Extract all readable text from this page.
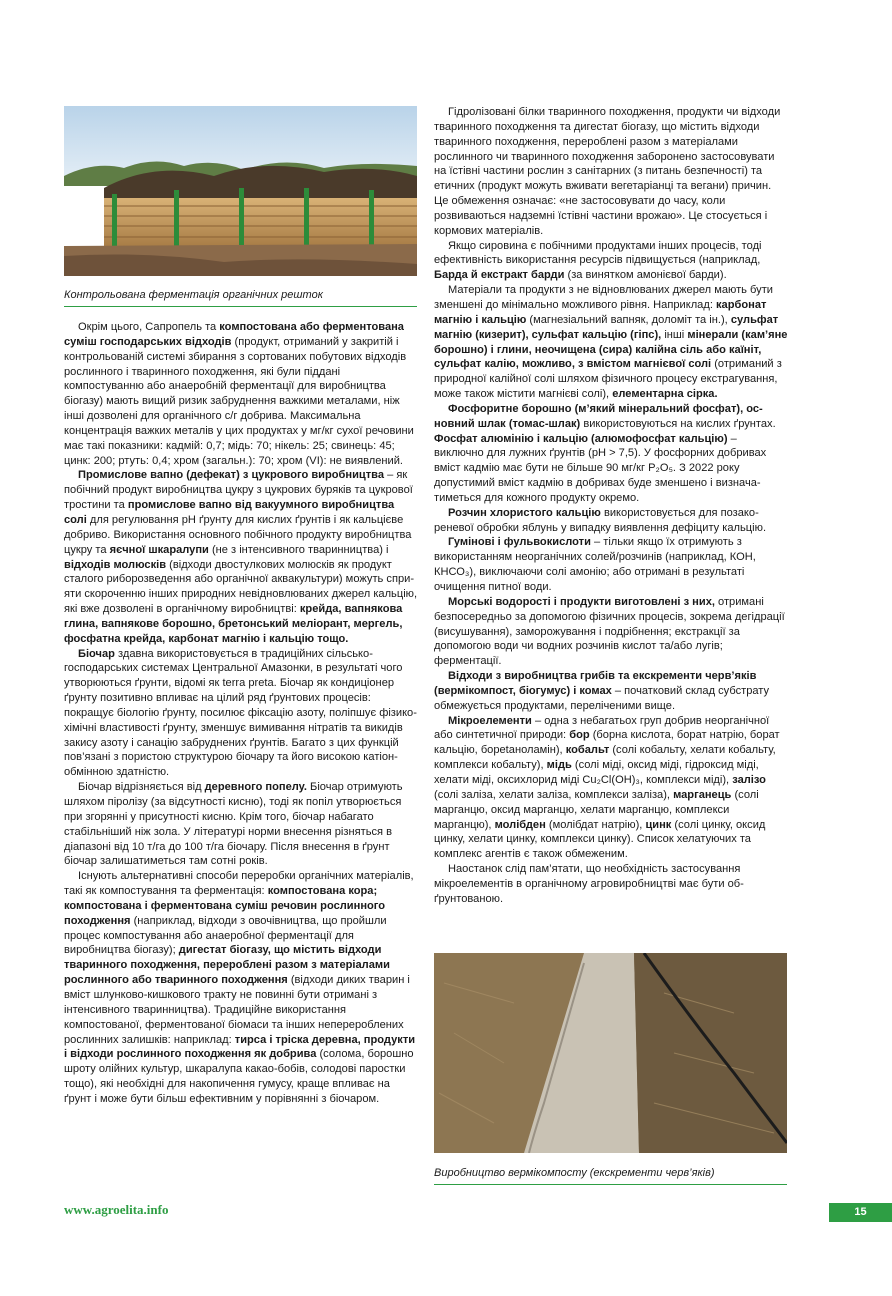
Контрольована ферментація органічних решток

Окрім цього, Сапропель та компостована або ферментована суміш господарських відходів (продукт, отриманий у закритій і контрольованій системі збирання з сортованих побутових відходів рослинного і тваринного походження, які були піддані компостуванню або анаеробній ферментації для виробництва біогазу) мають вищий ризик забруднення важкими металами, ніж інші дозволені для органічного с/г добрива. Максимальна концентрація важких металів у цих продуктах у мг/кг сухої речовини має такі показники: кадмій: 0,7; мідь: 70; нікель: 25; свинець: 45; цинк: 200; ртуть: 0,4; хром (загальн.): 70; хром (VI): не виявлений.

Промислове вапно (дефекат) з цукрового виробництва – як побічний продукт виробництва цукру з цукрових буряків та цукрової тростини та промислове вапно від вакуумного виробництва солі для регулювання рН ґрунту для кислих ґрунтів і як кальцієве добриво. Використання основного побічного продукту виробництва цукру та яєчної шкаралупи (не з інтенсивного тваринництва) і відходів молюсків (відходи двостулкових молюсків як продукт сталого риборозведення або органічної аквакультури) можуть сприяти скороченню інших природних невідновлюваних джерел кальцію, які вже дозволені в органічному виробництві: крейда, вапнякова глина, вапнякове борошно, бретонський меліорант, мергель, фосфатна крейда, карбонат магнію і кальцію тощо.

Біочар здавна використовується в традиційних сільськогосподарських системах Центральної Амазонки, в результаті чого утворюються ґрунти, відомі як terra preta. Біочар як кондиціонер ґрунту позитивно впливає на цілий ряд ґрунтових процесів: покращує біологію ґрунту, посилює фіксацію азоту, поліпшує фізико-хімічні властивості ґрунту, зменшує вимивання нітратів та викидів закису азоту і санацію забруднених ґрунтів. Багато з цих функцій пов’язані з пористою структурою біочару та його високою катіон-обмінною здатністю.

Біочар відрізняється від деревного попелу. Біочар отримують шляхом піролізу (за відсутності кисню), тоді як попіл утворюється при згорянні у присутності кисню. Крім того, біочар набагато стабільніший ніж зола. У літературі норми внесення різняться в діапазоні від 10 т/га до 100 т/га біочару. Після внесення в ґрунт біочар залишатиметься там сотні років.

Існують альтернативні способи переробки органічних матеріалів, такі як компостування та ферментація: компостована кора; компостована і ферментована суміш речовин рослинного походження (наприклад, відходи з овочівництва, що пройшли процес компостування або анаеробної ферментації для виробництва біогазу); дигестат біогазу, що містить відходи тваринного походження, перероблені разом з матеріалами рослинного або тваринного походження (відходи диких тварин і вміст шлунково-кишкового тракту не повинні бути отримані з інтенсивного тваринництва). Традиційне використання компостованої, ферментованої біомаси та інших неперероблених рослинних залишків: наприклад: тирса і тріска деревна, продукти і відходи рослинного походження як добрива (солома, борошно шроту олійних культур, шкаралупа какао-бобів, солодові паростки тощо), які необхідні для накопичення гумусу, краще впливає на ґрунт і може бути більш ефективним у порівнянні з біочаром.

Гідролізовані білки тваринного походження, продукти чи відходи тваринного походження та дигестат біогазу, що містить відходи тваринного походження, перероблені разом з матеріалами рослинного чи тваринного походження заборонено застосовувати на їстівні частини рослин з санітарних (з питань безпечності) та етичних (продукт можуть вживати вегетаріанці та вегани) причин. Це обмеження означає: «не застосовувати до часу, коли розвиваються надземні їстівні частини врожаю». Це стосується і кормових матеріалів.

Якщо сировина є побічними продуктами інших процесів, тоді ефективність використання ресурсів підвищується (наприклад, Барда й екстракт барди (за винятком амонієвої барди).

Матеріали та продукти з не відновлюваних джерел мають бути зменшені до мінімально можливого рівня. Наприклад: карбонат магнію і кальцію (магнезіальний вапняк, доломіт та ін.), сульфат магнію (кизерит), сульфат кальцію (гіпс), інші мінерали (кам’яне борошно) і глини, неочищена (сира) калійна сіль або каїніт, сульфат калію, можливо, з вмістом магнієвої солі (отриманий з природної калійної солі шляхом фізичного процесу екстрагування, може також містити магнієві солі), елементарна сірка.

Фосфоритне борошно (м’який мінеральний фосфат), основний шлак (томас-шлак) використовуються на кислих ґрунтах. Фосфат алюмінію і кальцію (алюмофосфат кальцію) – виключно для лужних ґрунтів (pH > 7,5). У фосфорних добривах вміст кадмію має бути не більше 90 мг/кг P₂O₅. З 2022 року допустимий вміст кадмію в добривах буде зменшено і визначатиметься для кожного продукту окремо.

Розчин хлористого кальцію використовується для позакореневої обробки яблунь у випадку виявлення дефіциту кальцію.

Гумінові і фульвокислоти – тільки якщо їх отримують з використанням неорганічних солей/розчинів (наприклад, КОН, КНСО₃), виключаючи солі амонію; або отримані в результаті очищення питної води.

Морські водорості і продукти виготовлені з них, отримані безпосередньо за допомогою фізичних процесів, зокрема дегідрації (висушування), заморожування і подрібнення; екстракції за допомогою води чи водних розчинів кислот та/або лугів; ферментації.

Відходи з виробництва грибів та екскременти черв’яків (вермікомпост, біогумус) і комах – початковий склад субстрату обмежується продуктами, переліченими вище.

Мікроелементи – одна з небагатьох груп добрив неорганічної або синтетичної природи: бор (борна кислота, борат натрію, борат кальцію, бореtаноламін), кобальт (солі кобальту, хелати кобальту, комплекси кобальту), мідь (солі міді, оксид міді, гідроксид міді, хелати міді, оксихлорид міді Cu₂Cl(OH)₃, комплекси міді), залізо (солі заліза, хелати заліза, комплекси заліза), марганець (солі марганцю, оксид марганцю, хелати марганцю, комплекси марганцю), молібден (молібдат натрію), цинк (солі цинку, оксид цинку, хелати цинку, комплекси цинку). Список хелатуючих та комплекс агентів є також обмеженим.

Наостанок слід пам’ятати, що необхідність застосування мікроелементів в органічному агровиробництві має бути обґрунтованою.

Виробництво вермікомпосту (екскременти черв’яків)
www.agroelita.info	15
